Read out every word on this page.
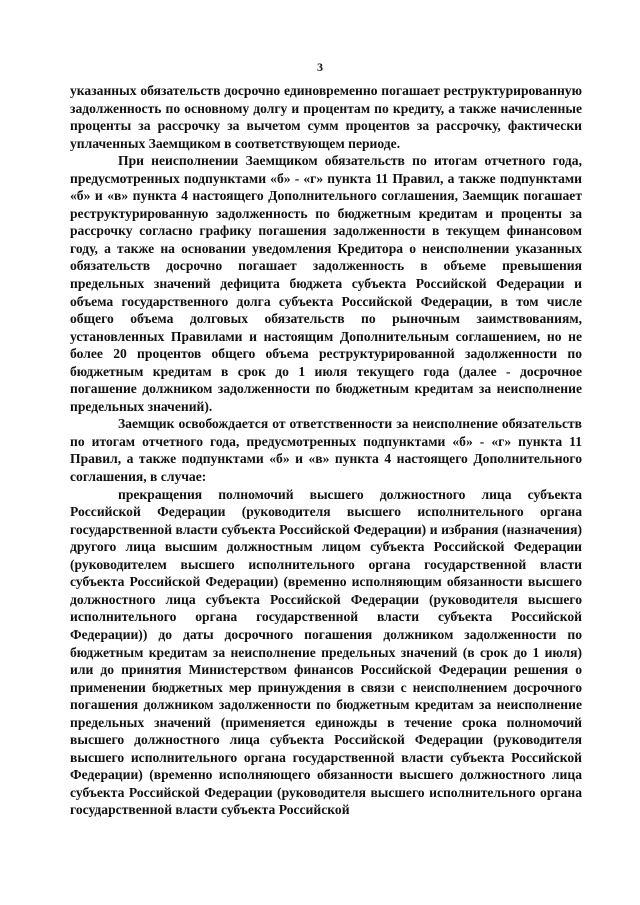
3

указанных обязательств досрочно единовременно погашает реструктурированную задолженность по основному долгу и процентам по кредиту, а также начисленные проценты за рассрочку за вычетом сумм процентов за рассрочку, фактически уплаченных Заемщиком в соответствующем периоде.

При неисполнении Заемщиком обязательств по итогам отчетного года, предусмотренных подпунктами «б» - «г» пункта 11 Правил, а также подпунктами «б» и «в» пункта 4 настоящего Дополнительного соглашения, Заемщик погашает реструктурированную задолженность по бюджетным кредитам и проценты за рассрочку согласно графику погашения задолженности в текущем финансовом году, а также на основании уведомления Кредитора о неисполнении указанных обязательств досрочно погашает задолженность в объеме превышения предельных значений дефицита бюджета субъекта Российской Федерации и объема государственного долга субъекта Российской Федерации, в том числе общего объема долговых обязательств по рыночным заимствованиям, установленных Правилами и настоящим Дополнительным соглашением, но не более 20 процентов общего объема реструктурированной задолженности по бюджетным кредитам в срок до 1 июля текущего года (далее - досрочное погашение должником задолженности по бюджетным кредитам за неисполнение предельных значений).

Заемщик освобождается от ответственности за неисполнение обязательств по итогам отчетного года, предусмотренных подпунктами «б» - «г» пункта 11 Правил, а также подпунктами «б» и «в» пункта 4 настоящего Дополнительного соглашения, в случае:

прекращения полномочий высшего должностного лица субъекта Российской Федерации (руководителя высшего исполнительного органа государственной власти субъекта Российской Федерации) и избрания (назначения) другого лица высшим должностным лицом субъекта Российской Федерации (руководителем высшего исполнительного органа государственной власти субъекта Российской Федерации) (временно исполняющим обязанности высшего должностного лица субъекта Российской Федерации (руководителя высшего исполнительного органа государственной власти субъекта Российской Федерации)) до даты досрочного погашения должником задолженности по бюджетным кредитам за неисполнение предельных значений (в срок до 1 июля) или до принятия Министерством финансов Российской Федерации решения о применении бюджетных мер принуждения в связи с неисполнением досрочного погашения должником задолженности по бюджетным кредитам за неисполнение предельных значений (применяется единожды в течение срока полномочий высшего должностного лица субъекта Российской Федерации (руководителя высшего исполнительного органа государственной власти субъекта Российской Федерации) (временно исполняющего обязанности высшего должностного лица субъекта Российской Федерации (руководителя высшего исполнительного органа государственной власти субъекта Российской
